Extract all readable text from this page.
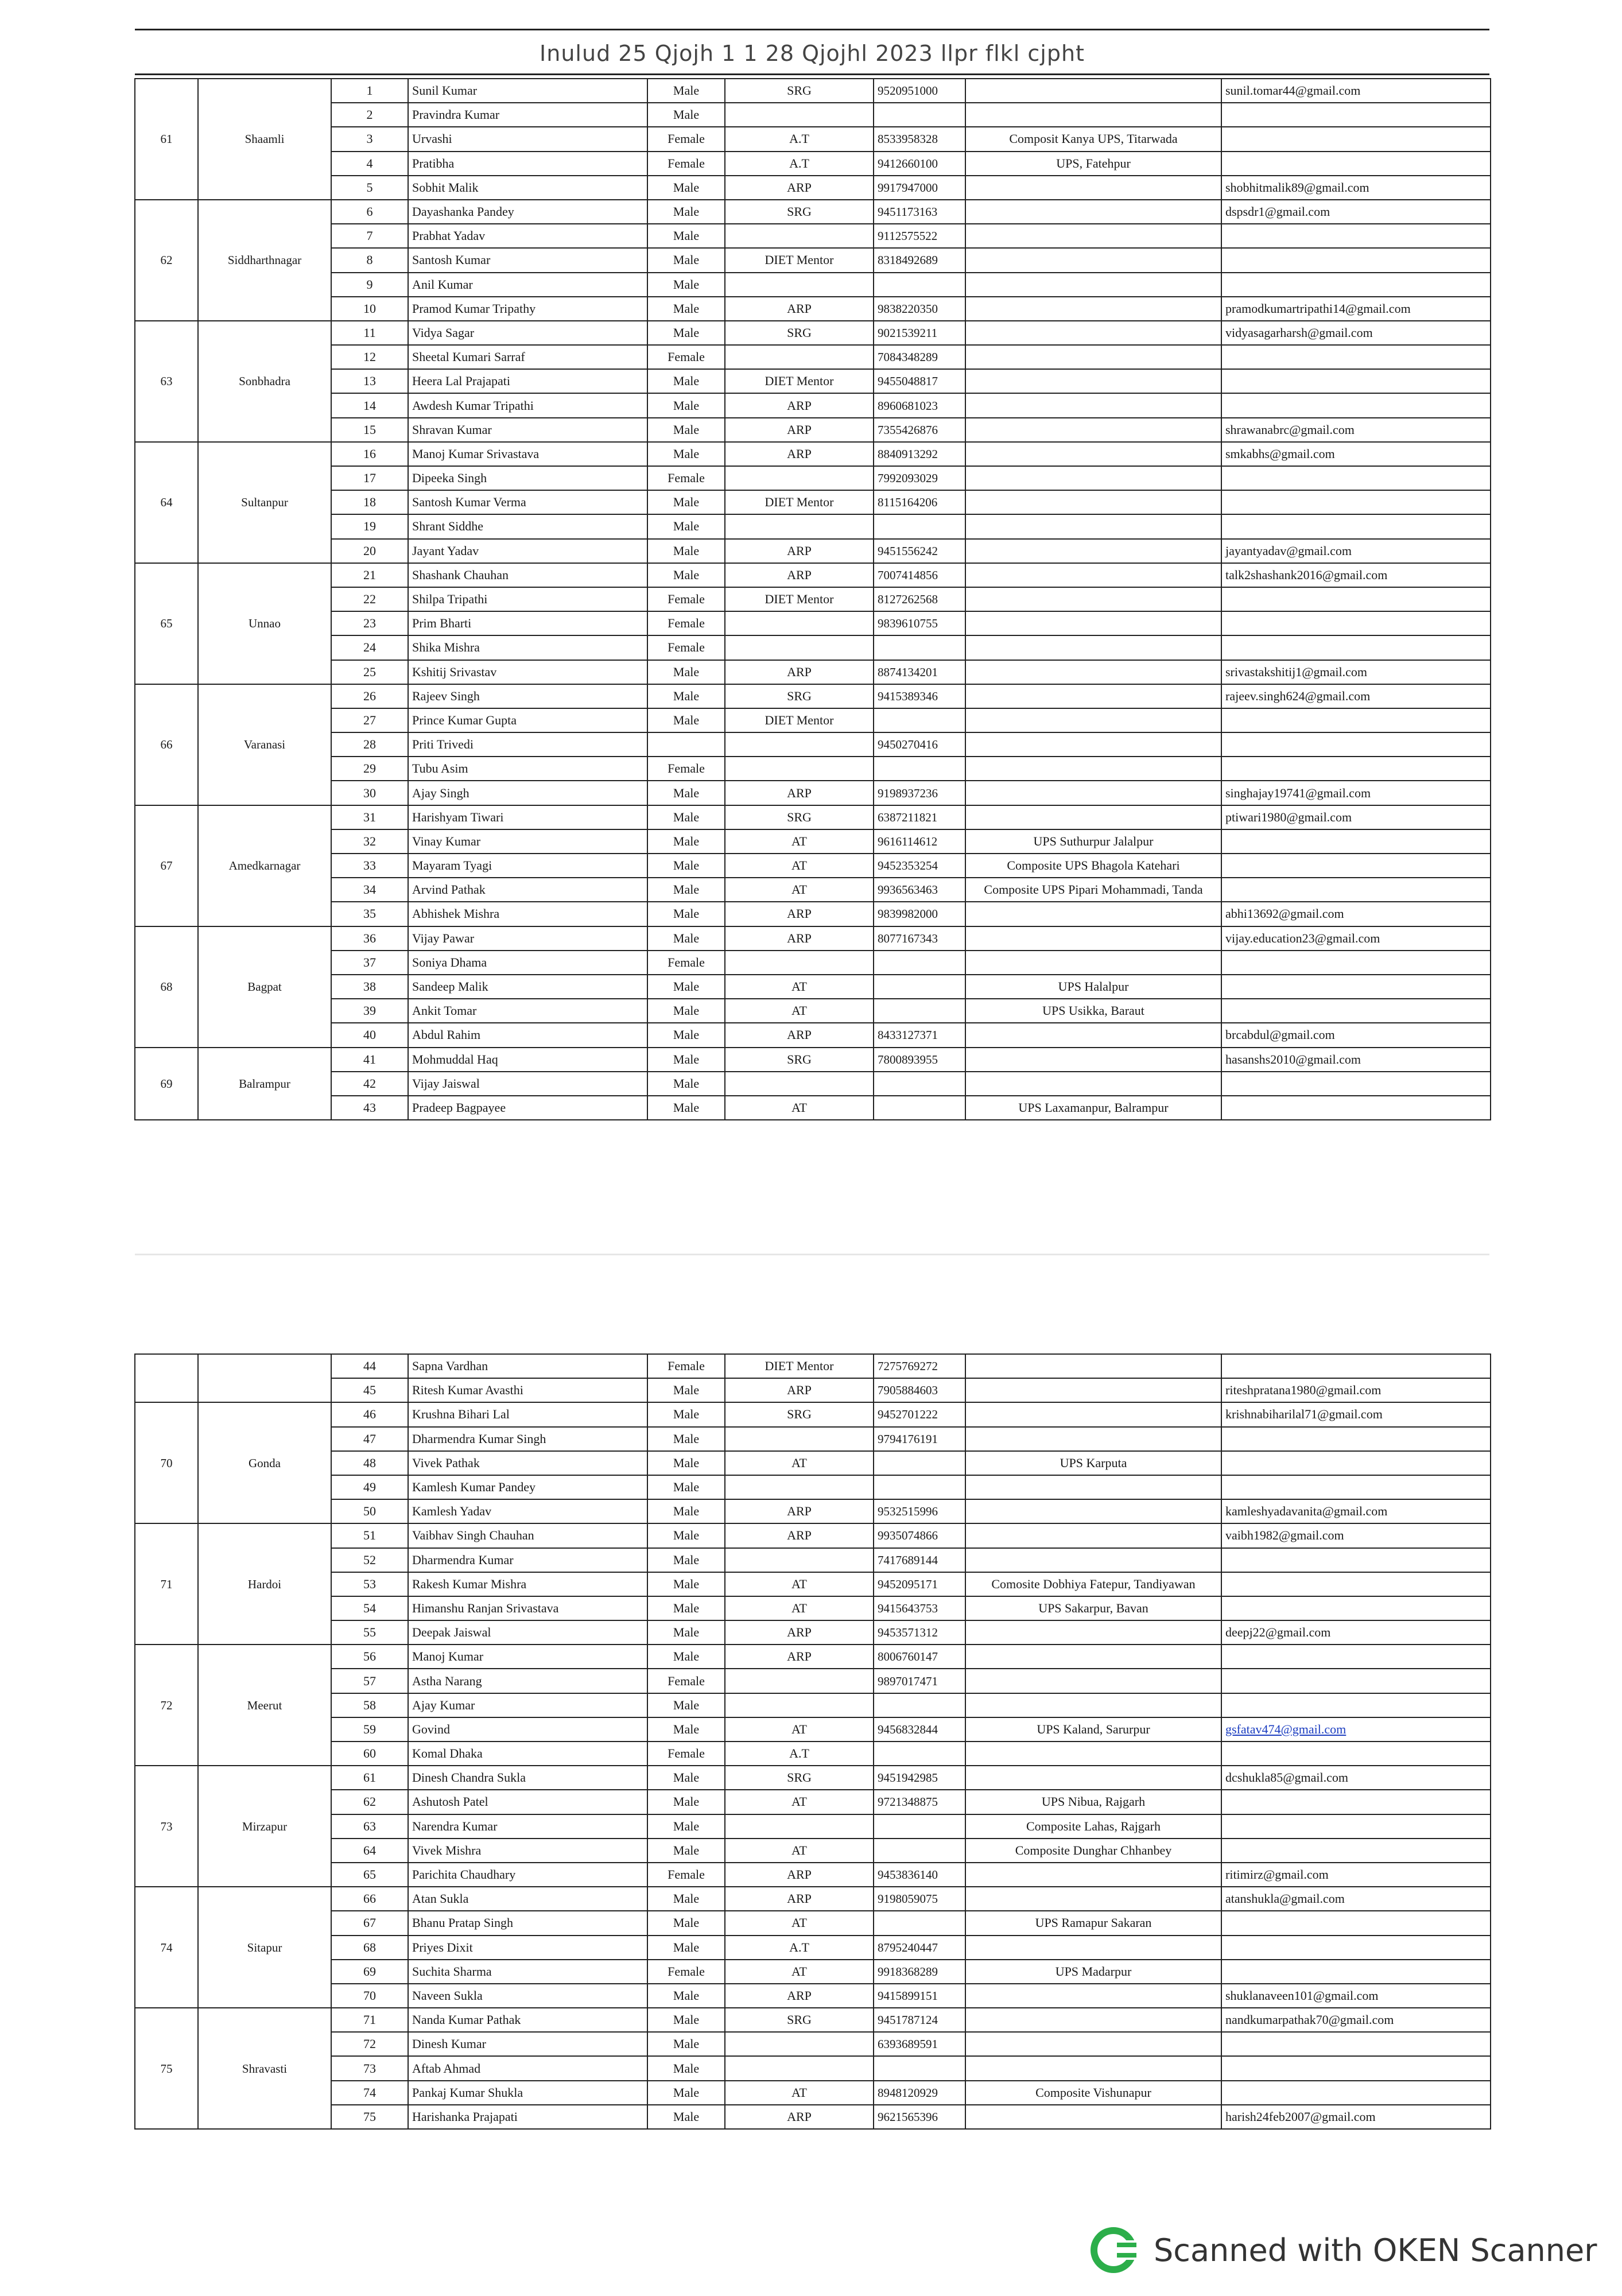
Inulud 25 Qjojh 1 1 28 Qjojhl 2023 llpr flkl cjpht
61	Shaamli	1	Sunil Kumar	Male	SRG	9520951000		sunil.tomar44@gmail.com
		2	Pravindra Kumar	Male				
		3	Urvashi	Female	A.T	8533958328	Composit Kanya UPS, Titarwada	
		4	Pratibha	Female	A.T	9412660100	UPS, Fatehpur	
		5	Sobhit Malik	Male	ARP	9917947000		shobhitmalik89@gmail.com
62	Siddharthnagar	6	Dayashanka Pandey	Male	SRG	9451173163		dspsdr1@gmail.com
		7	Prabhat Yadav	Male		9112575522		
		8	Santosh Kumar	Male	DIET Mentor	8318492689		
		9	Anil Kumar	Male				
		10	Pramod Kumar Tripathy	Male	ARP	9838220350		pramodkumartripathi14@gmail.com
63	Sonbhadra	11	Vidya Sagar	Male	SRG	9021539211		vidyasagarharsh@gmail.com
		12	Sheetal Kumari Sarraf	Female		7084348289		
		13	Heera Lal Prajapati	Male	DIET Mentor	9455048817		
		14	Awdesh Kumar Tripathi	Male	ARP	8960681023		
		15	Shravan Kumar	Male	ARP	7355426876		shrawanabrc@gmail.com
64	Sultanpur	16	Manoj Kumar Srivastava	Male	ARP	8840913292		smkabhs@gmail.com
		17	Dipeeka Singh	Female		7992093029		
		18	Santosh Kumar Verma	Male	DIET Mentor	8115164206		
		19	Shrant Siddhe	Male				
		20	Jayant Yadav	Male	ARP	9451556242		jayantyadav@gmail.com
65	Unnao	21	Shashank Chauhan	Male	ARP	7007414856		talk2shashank2016@gmail.com
		22	Shilpa Tripathi	Female	DIET Mentor	8127262568		
		23	Prim Bharti	Female		9839610755		
		24	Shika Mishra	Female				
		25	Kshitij Srivastav	Male	ARP	8874134201		srivastakshitij1@gmail.com
66	Varanasi	26	Rajeev Singh	Male	SRG	9415389346		rajeev.singh624@gmail.com
		27	Prince Kumar Gupta	Male	DIET Mentor			
		28	Priti Trivedi			9450270416		
		29	Tubu Asim	Female				
		30	Ajay Singh	Male	ARP	9198937236		singhajay19741@gmail.com
67	Amedkarnagar	31	Harishyam Tiwari	Male	SRG	6387211821		ptiwari1980@gmail.com
		32	Vinay Kumar	Male	AT	9616114612	UPS Suthurpur Jalalpur	
		33	Mayaram Tyagi	Male	AT	9452353254	Composite UPS Bhagola Katehari	
		34	Arvind Pathak	Male	AT	9936563463	Composite UPS Pipari Mohammadi, Tanda	
		35	Abhishek Mishra	Male	ARP	9839982000		abhi13692@gmail.com
68	Bagpat	36	Vijay Pawar	Male	ARP	8077167343		vijay.education23@gmail.com
		37	Soniya Dhama	Female				
		38	Sandeep Malik	Male	AT		UPS Halalpur	
		39	Ankit Tomar	Male	AT		UPS Usikka, Baraut	
		40	Abdul Rahim	Male	ARP	8433127371		brcabdul@gmail.com
69	Balrampur	41	Mohmuddal Haq	Male	SRG	7800893955		hasanshs2010@gmail.com
		42	Vijay Jaiswal	Male				
		43	Pradeep Bagpayee	Male	AT		UPS Laxamanpur, Balrampur	
		44	Sapna Vardhan	Female	DIET Mentor	7275769272		
		45	Ritesh Kumar Avasthi	Male	ARP	7905884603		riteshpratana1980@gmail.com
70	Gonda	46	Krushna Bihari Lal	Male	SRG	9452701222		krishnabiharilal71@gmail.com
		47	Dharmendra Kumar Singh	Male		9794176191		
		48	Vivek Pathak	Male	AT		UPS Karputa	
		49	Kamlesh Kumar Pandey	Male				
		50	Kamlesh Yadav	Male	ARP	9532515996		kamleshyadavanita@gmail.com
71	Hardoi	51	Vaibhav Singh Chauhan	Male	ARP	9935074866		vaibh1982@gmail.com
		52	Dharmendra Kumar	Male		7417689144		
		53	Rakesh Kumar Mishra	Male	AT	9452095171	Comosite Dobhiya Fatepur, Tandiyawan	
		54	Himanshu Ranjan Srivastava	Male	AT	9415643753	UPS Sakarpur, Bavan	
		55	Deepak Jaiswal	Male	ARP	9453571312		deepj22@gmail.com
72	Meerut	56	Manoj Kumar	Male	ARP	8006760147		
		57	Astha Narang	Female		9897017471		
		58	Ajay Kumar	Male				
		59	Govind	Male	AT	9456832844	UPS Kaland, Sarurpur	gsfatav474@gmail.com
		60	Komal Dhaka	Female	A.T			
73	Mirzapur	61	Dinesh Chandra Sukla	Male	SRG	9451942985		dcshukla85@gmail.com
		62	Ashutosh Patel	Male	AT	9721348875	UPS Nibua, Rajgarh	
		63	Narendra Kumar	Male			Composite Lahas, Rajgarh	
		64	Vivek Mishra	Male	AT		Composite Dunghar Chhanbey	
		65	Parichita Chaudhary	Female	ARP	9453836140		ritimirz@gmail.com
74	Sitapur	66	Atan Sukla	Male	ARP	9198059075		atanshukla@gmail.com
		67	Bhanu Pratap Singh	Male	AT		UPS Ramapur Sakaran	
		68	Priyes Dixit	Male	A.T	8795240447		
		69	Suchita Sharma	Female	AT	9918368289	UPS Madarpur	
		70	Naveen Sukla	Male	ARP	9415899151		shuklanaveen101@gmail.com
75	Shravasti	71	Nanda Kumar Pathak	Male	SRG	9451787124		nandkumarpathak70@gmail.com
		72	Dinesh Kumar	Male		6393689591		
		73	Aftab Ahmad	Male				
		74	Pankaj Kumar Shukla	Male	AT	8948120929	Composite Vishunapur	
		75	Harishanka Prajapati	Male	ARP	9621565396		harish24feb2007@gmail.com
Scanned with OKEN Scanner
